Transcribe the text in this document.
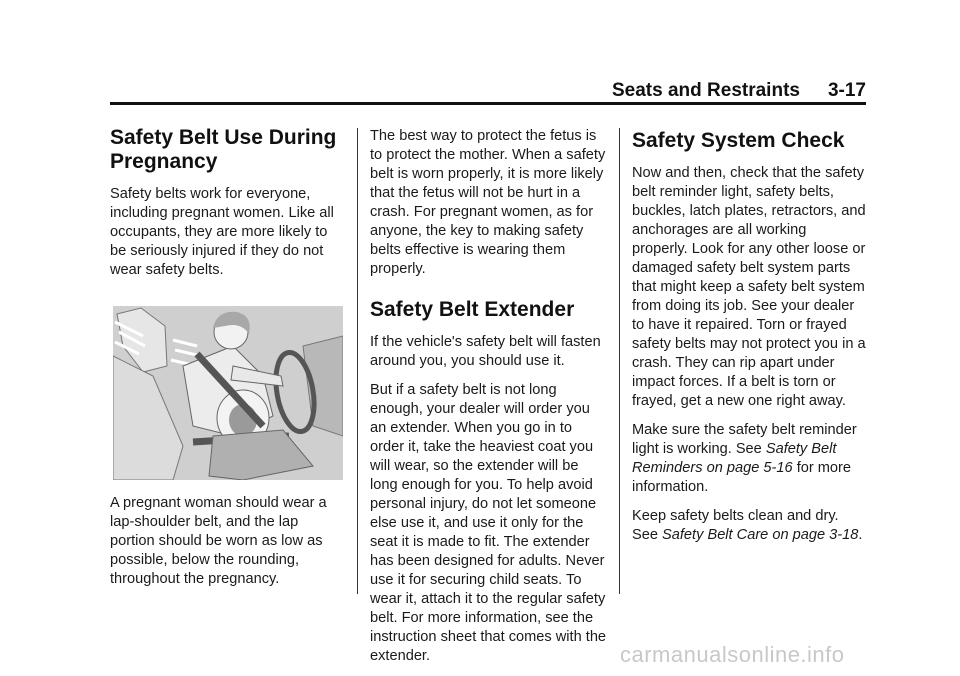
Seats and Restraints 3-17
Safety Belt Use During Pregnancy

Safety belts work for everyone, including pregnant women. Like all occupants, they are more likely to be seriously injured if they do not wear safety belts.

A pregnant woman should wear a lap-shoulder belt, and the lap portion should be worn as low as possible, below the rounding, throughout the pregnancy.

The best way to protect the fetus is to protect the mother. When a safety belt is worn properly, it is more likely that the fetus will not be hurt in a crash. For pregnant women, as for anyone, the key to making safety belts effective is wearing them properly.

Safety Belt Extender

If the vehicle's safety belt will fasten around you, you should use it.

But if a safety belt is not long enough, your dealer will order you an extender. When you go in to order it, take the heaviest coat you will wear, so the extender will be long enough for you. To help avoid personal injury, do not let someone else use it, and use it only for the seat it is made to fit. The extender has been designed for adults. Never use it for securing child seats. To wear it, attach it to the regular safety belt. For more information, see the instruction sheet that comes with the extender.

Safety System Check

Now and then, check that the safety belt reminder light, safety belts, buckles, latch plates, retractors, and anchorages are all working properly. Look for any other loose or damaged safety belt system parts that might keep a safety belt system from doing its job. See your dealer to have it repaired. Torn or frayed safety belts may not protect you in a crash. They can rip apart under impact forces. If a belt is torn or frayed, get a new one right away.

Make sure the safety belt reminder light is working. See Safety Belt Reminders on page 5-16 for more information.

Keep safety belts clean and dry. See Safety Belt Care on page 3-18.

carmanualsonline.info
